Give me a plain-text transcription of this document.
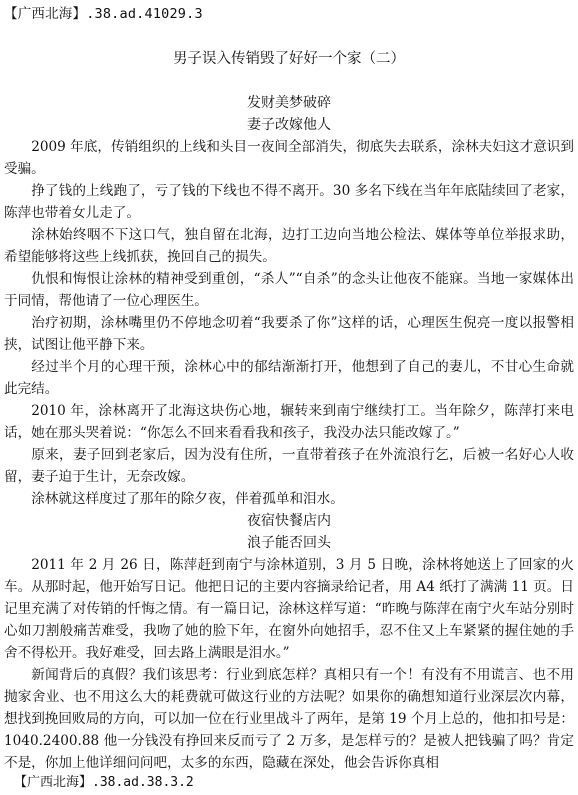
【广西北海】.38.ad.41029.3
男子误入传销毁了好好一个家（二）
发财美梦破碎
妻子改嫁他人

2009 年底，传销组织的上线和头目一夜间全部消失，彻底失去联系，涂林夫妇这才意识到受骗。

挣了钱的上线跑了，亏了钱的下线也不得不离开。30 多名下线在当年年底陆续回了老家，陈萍也带着女儿走了。

涂林始终咽不下这口气，独自留在北海，边打工边向当地公检法、媒体等单位举报求助，希望能够将这些上线抓获，挽回自己的损失。

仇恨和悔恨让涂林的精神受到重创，“杀人”“自杀”的念头让他夜不能寐。当地一家媒体出于同情，帮他请了一位心理医生。

治疗初期，涂林嘴里仍不停地念叨着“我要杀了你”这样的话，心理医生倪亮一度以报警相挟，试图让他平静下来。

经过半个月的心理干预，涂林心中的郁结渐渐打开，他想到了自己的妻儿，不甘心生命就此完结。

2010 年，涂林离开了北海这块伤心地，辗转来到南宁继续打工。当年除夕，陈萍打来电话，她在那头哭着说：“你怎么不回来看看我和孩子，我没办法只能改嫁了。”

原来，妻子回到老家后，因为没有住所，一直带着孩子在外流浪行乞，后被一名好心人收留，妻子迫于生计，无奈改嫁。

涂林就这样度过了那年的除夕夜，伴着孤单和泪水。

夜宿快餐店内
浪子能否回头

2011 年 2 月 26 日，陈萍赶到南宁与涂林道别，3 月 5 日晚，涂林将她送上了回家的火车。从那时起，他开始写日记。他把日记的主要内容摘录给记者，用 A4 纸打了满满 11 页。日记里充满了对传销的忏悔之情。有一篇日记，涂林这样写道：“昨晚与陈萍在南宁火车站分别时心如刀割般痛苦难受，我吻了她的脸下年，在窗外向她招手，忍不住又上车紧紧的握住她的手舍不得松开。我好难受，回去路上满眼是泪水。”

新闻背后的真假？我们该思考：行业到底怎样？真相只有一个！有没有不用谎言、也不用抛家舍业、也不用这么大的耗费就可做这行业的方法呢？如果你的确想知道行业深层次内幕，想找到挽回败局的方向，可以加一位在行业里战斗了两年，是第 19 个月上总的，他扣扣号是：1040.2400.88 他一分钱没有挣回来反而亏了 2 万多，是怎样亏的？是被人把钱骗了吗？肯定不是，你加上他详细问问吧，太多的东西，隐藏在深处，他会告诉你真相

【广西北海】.38.ad.38.3.2
